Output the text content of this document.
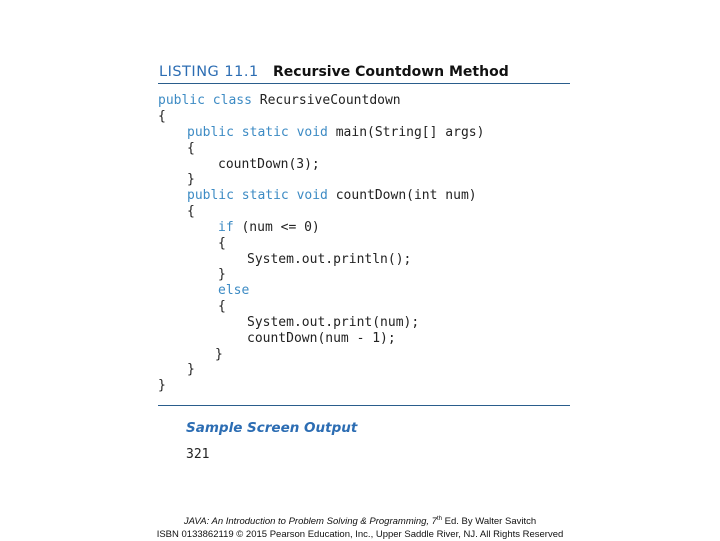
LISTING 11.1 Recursive Countdown Method
public class RecursiveCountdown
{
public static void main(String[] args)
{
countDown(3);
}
public static void countDown(int num)
{
if (num <= 0)
{
System.out.println();
}
else
{
System.out.print(num);
countDown(num - 1);
}
}
}
Sample Screen Output
321
JAVA: An Introduction to Problem Solving & Programming, 7th Ed. By Walter Savitch
ISBN 0133862119 © 2015 Pearson Education, Inc., Upper Saddle River, NJ. All Rights Reserved
